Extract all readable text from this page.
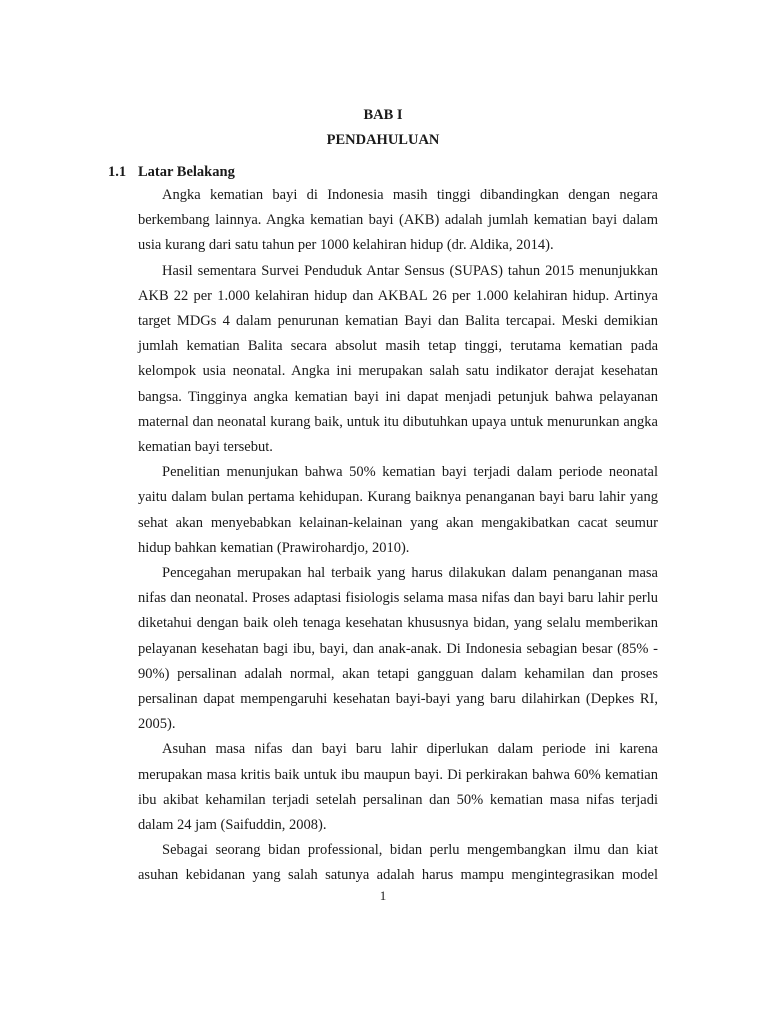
BAB I
PENDAHULUAN
1.1 Latar Belakang

Angka kematian bayi di Indonesia masih tinggi dibandingkan dengan negara berkembang lainnya. Angka kematian bayi (AKB) adalah jumlah kematian bayi dalam usia kurang dari satu tahun per 1000 kelahiran hidup (dr. Aldika, 2014).

Hasil sementara Survei Penduduk Antar Sensus (SUPAS) tahun 2015 menunjukkan AKB 22 per 1.000 kelahiran hidup dan AKBAL 26 per 1.000 kelahiran hidup. Artinya target MDGs 4 dalam penurunan kematian Bayi dan Balita tercapai. Meski demikian jumlah kematian Balita secara absolut masih tetap tinggi, terutama kematian pada kelompok usia neonatal. Angka ini merupakan salah satu indikator derajat kesehatan bangsa. Tingginya angka kematian bayi ini dapat menjadi petunjuk bahwa pelayanan maternal dan neonatal kurang baik, untuk itu dibutuhkan upaya untuk menurunkan angka kematian bayi tersebut.

Penelitian menunjukan bahwa 50% kematian bayi terjadi dalam periode neonatal yaitu dalam bulan pertama kehidupan. Kurang baiknya penanganan bayi baru lahir yang sehat akan menyebabkan kelainan-kelainan yang akan mengakibatkan cacat seumur hidup bahkan kematian (Prawirohardjo, 2010).

Pencegahan merupakan hal terbaik yang harus dilakukan dalam penanganan masa nifas dan neonatal. Proses adaptasi fisiologis selama masa nifas dan bayi baru lahir perlu diketahui dengan baik oleh tenaga kesehatan khususnya bidan, yang selalu memberikan pelayanan kesehatan bagi ibu, bayi, dan anak-anak. Di Indonesia sebagian besar (85% - 90%) persalinan adalah normal, akan tetapi gangguan dalam kehamilan dan proses persalinan dapat mempengaruhi kesehatan bayi-bayi yang baru dilahirkan (Depkes RI, 2005).

Asuhan masa nifas dan bayi baru lahir diperlukan dalam periode ini karena merupakan masa kritis baik untuk ibu maupun bayi. Di perkirakan bahwa 60% kematian ibu akibat kehamilan terjadi setelah persalinan dan 50% kematian masa nifas terjadi dalam 24 jam (Saifuddin, 2008).

Sebagai seorang bidan professional, bidan perlu mengembangkan ilmu dan kiat asuhan kebidanan yang salah satunya adalah harus mampu mengintegrasikan model

1
